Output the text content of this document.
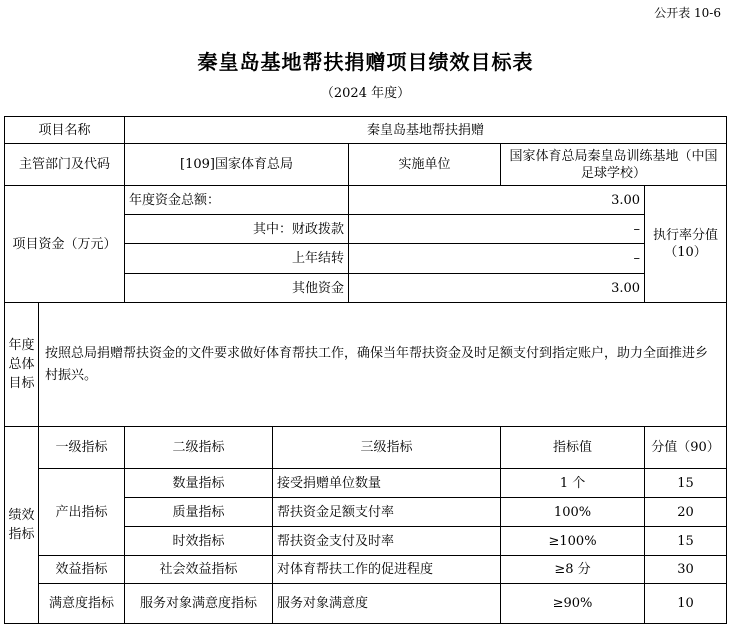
公开表 10-6
秦皇岛基地帮扶捐赠项目绩效目标表
（2024 年度）
项目名称		秦皇岛基地帮扶捐赠				
主管部门及代码		[109]国家体育总局		实施单位	国家体育总局秦皇岛训练基地（中国足球学校）	
项目资金（万元）		年度资金总额：		3.00		执行率分值（10）
		其中：财政拨款		–		
		上年结转		–		
		其他资金		3.00		
年度总体目标	按照总局捐赠帮扶资金的文件要求做好体育帮扶工作，确保当年帮扶资金及时足额支付到指定账户，助力全面推进乡村振兴。					
绩效指标	一级指标	二级指标	三级指标		指标值	分值（90）
	产出指标	数量指标	接受捐赠单位数量		1 个	15
		质量指标	帮扶资金足额支付率		100%	20
		时效指标	帮扶资金支付及时率		≥100%	15
	效益指标	社会效益指标	对体育帮扶工作的促进程度		≥8 分	30
	满意度指标	服务对象满意度指标	服务对象满意度		≥90%	10
